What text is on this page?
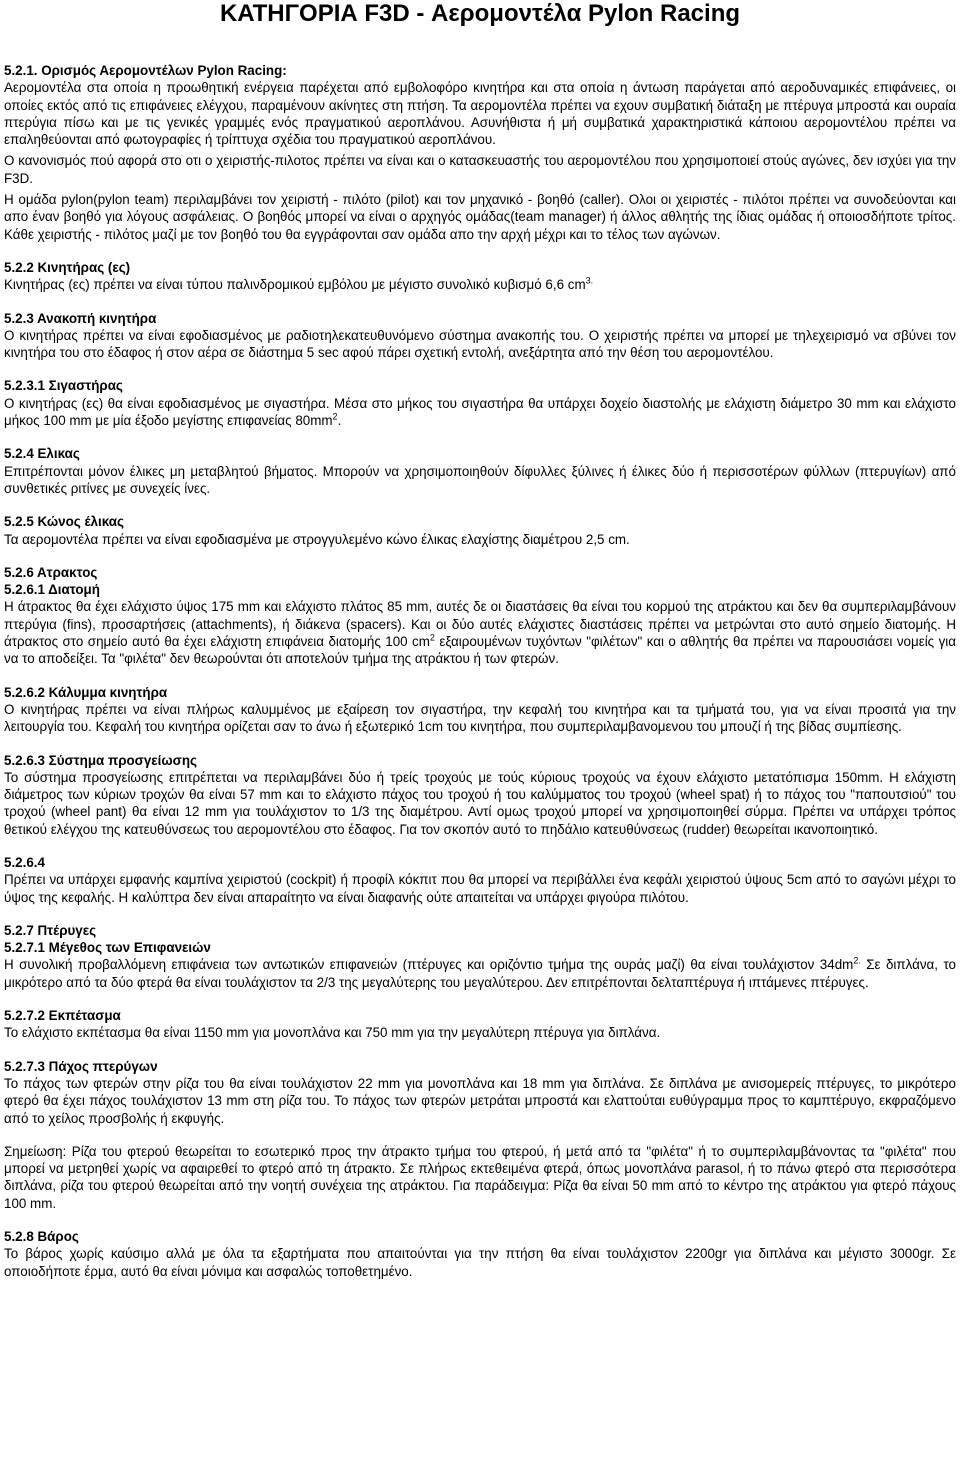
ΚΑΤΗΓΟΡΙΑ F3D - Αερομοντέλα Pylon Racing
5.2.1. Ορισμός Αερομοντέλων Pylon Racing:

Αερομοντέλα στα οποία η προωθητική ενέργεια παρέχεται από εμβολοφόρο κινητήρα και στα οποία η άντωση παράγεται από αεροδυναμικές επιφάνειες, οι οποίες εκτός από τις επιφάνειες ελέγχου, παραμένουν ακίνητες στη πτήση. Τα αερομοντέλα πρέπει να εχουν συμβατική διάταξη με πτέρυγα μπροστά και ουραία πτερύγια πίσω και με τις γενικές γραμμές ενός πραγματικού αεροπλάνου. Ασυνήθιστα ή μή συμβατικά χαρακτηριστικά κάποιου αερομοντέλου πρέπει να επαληθεύονται από φωτογραφίες ή τρίπτυχα σχέδια του πραγματικού αεροπλάνου.

Ο κανονισμός πού αφορά στο οτι ο χειριστής-πιλοτος πρέπει να είναι και ο κατασκευαστής του αερομοντέλου που χρησιμοποιεί στούς αγώνες, δεν ισχύει για την F3D.

Η ομάδα pylon(pylon team) περιλαμβάνει τον χειριστή - πιλότο (pilot) και τον μηχανικό - βοηθό (caller). Ολοι οι χειριστές - πιλότοι πρέπει να συνοδεύονται και απο έναν βοηθό για λόγους ασφάλειας. Ο βοηθός μπορεί να είναι ο αρχηγός ομάδας(team manager) ή άλλος αθλητής της ίδιας ομάδας ή οποιοσδήποτε τρίτος. Κάθε χειριστής - πιλότος μαζί με τον βοηθό του θα εγγράφονται σαν ομάδα απο την αρχή μέχρι και το τέλος των αγώνων.

5.2.2 Κινητήρας (ες)

Κινητήρας (ες) πρέπει να είναι τύπου παλινδρομικού εμβόλου με μέγιστο συνολικό κυβισμό 6,6 $cm^{3.}$

5.2.3 Ανακοπή κινητήρα

Ο κινητήρας πρέπει να είναι εφοδιασμένος με ραδιοτηλεκατευθυνόμενο σύστημα ανακοπής του. Ο χειριστής πρέπει να μπορεί με τηλεχειρισμό να σβύνει τον κινητήρα του στο έδαφος ή στον αέρα σε διάστημα 5 sec αφού πάρει σχετική εντολή, ανεξάρτητα από την θέση του αερομοντέλου.

5.2.3.1 Σιγαστήρας

Ο κινητήρας (ες) θα είναι εφοδιασμένος με σιγαστήρα. Μέσα στο μήκος του σιγαστήρα θα υπάρχει δοχείο διαστολής με ελάχιστη διάμετρο 30 mm και ελάχιστο μήκος 100 mm με μία έξοδο μεγίστης επιφανείας $80mm^2$.

5.2.4 Ελικας

Επιτρέπονται μόνον έλικες μη μεταβλητού βήματος. Μπορούν να χρησιμοποιηθούν δίφυλλες ξύλινες ή έλικες δύο ή περισσοτέρων φύλλων (πτερυγίων) από συνθετικές ριτίνες με συνεχείς ίνες.

5.2.5 Κώνος έλικας

Τα αερομοντέλα πρέπει να είναι εφοδιασμένα με στρογγυλεμένο κώνο έλικας ελαχίστης διαμέτρου 2,5 cm.

5.2.6 Ατρακτος
5.2.6.1 Διατομή

Η άτρακτος θα έχει ελάχιστο ύψος 175 mm και ελάχιστο πλάτος 85 mm, αυτές δε οι διαστάσεις θα είναι του κορμού της ατράκτου και δεν θα συμπεριλαμβάνουν πτερύγια (fins), προσαρτήσεις (attachments), ή διάκενα (spacers). Και οι δύο αυτές ελάχιστες διαστάσεις πρέπει να μετρώνται στο αυτό σημείο διατομής. Η άτρακτος στο σημείο αυτό θα έχει ελάχιστη επιφάνεια διατομής 100 $cm^2$ εξαιρουμένων τυχόντων "φιλέτων" και ο αθλητής θα πρέπει να παρουσιάσει νομείς για να το αποδείξει. Τα "φιλέτα" δεν θεωρούνται ότι αποτελούν τμήμα της ατράκτου ή των φτερών.

5.2.6.2 Κάλυμμα κινητήρα

Ο κινητήρας πρέπει να είναι πλήρως καλυμμένος με εξαίρεση τον σιγαστήρα, την κεφαλή του κινητήρα και τα τμήματά του, για να είναι προσιτά για την λειτουργία του. Κεφαλή του κινητήρα ορίζεται σαν το άνω ή εξωτερικό 1cm του κινητήρα, που συμπεριλαμβανομενου του μπουζί ή της βίδας συμπίεσης.

5.2.6.3 Σύστημα προσγείωσης

Το σύστημα προσγείωσης επιτρέπεται να περιλαμβάνει δύο ή τρείς τροχούς με τούς κύριους τροχούς να έχουν ελάχιστο μετατόπισμα 150mm. Η ελάχιστη διάμετρος των κύριων τροχών θα είναι 57 mm και το ελάχιστο πάχος του τροχού ή του καλύμματος του τροχού (wheel spat) ή το πάχος του "παπουτσιού" του τροχού (wheel pant) θα είναι 12 mm για τουλάχιστον το 1/3 της διαμέτρου. Αντί ομως τροχού μπορεί να χρησιμοποιηθεί σύρμα. Πρέπει να υπάρχει τρόπος θετικού ελέγχου της κατευθύνσεως του αερομοντέλου στο έδαφος. Για τον σκοπόν αυτό το πηδάλιο κατευθύνσεως (rudder) θεωρείται ικανοποιητικό.

5.2.6.4

Πρέπει να υπάρχει εμφανής καμπίνα χειριστού (cockpit) ή προφίλ κόκπιτ που θα μπορεί να περιβάλλει ένα κεφάλι χειριστού ύψους 5cm από το σαγώνι μέχρι το ύψος της κεφαλής. Η καλύπτρα δεν είναι απαραίτητο να είναι διαφανής ούτε απαιτείται να υπάρχει φιγούρα πιλότου.

5.2.7 Πτέρυγες
5.2.7.1 Μέγεθος των Επιφανειών

Η συνολική προβαλλόμενη επιφάνεια των αντωτικών επιφανειών (πτέρυγες και οριζόντιο τμήμα της ουράς μαζί) θα είναι τουλάχιστον $34dm^{2.}$ Σε διπλάνα, το μικρότερο από τα δύο φτερά θα είναι τουλάχιστον τα 2/3 της μεγαλύτερης του μεγαλύτερου. Δεν επιτρέπονται δελταπτέρυγα ή ιπτάμενες πτέρυγες.

5.2.7.2 Εκπέτασμα

Το ελάχιστο εκπέτασμα θα είναι 1150 mm για μονοπλάνα και 750 mm για την μεγαλύτερη πτέρυγα για διπλάνα.

5.2.7.3 Πάχος πτερύγων

Το πάχος των φτερών στην ρίζα του θα είναι τουλάχιστον 22 mm για μονοπλάνα και 18 mm για διπλάνα. Σε διπλάνα με ανισομερείς πτέρυγες, το μικρότερο φτερό θα έχει πάχος τουλάχιστον 13 mm στη ρίζα του. Το πάχος των φτερών μετράται μπροστά και ελαττούται ευθύγραμμα προς το καμπτέρυγο, εκφραζόμενο από το χείλος προσβολής ή εκφυγής.

Σημείωση: Ρίζα του φτερού θεωρείται το εσωτερικό προς την άτρακτο τμήμα του φτερού, ή μετά από τα "φιλέτα" ή το συμπεριλαμβάνοντας τα "φιλέτα" που μπορεί να μετρηθεί χωρίς να αφαιρεθεί το φτερό από τη άτρακτο. Σε πλήρως εκτεθειμένα φτερά, όπως μονοπλάνα parasol, ή το πάνω φτερό στα περισσότερα διπλάνα, ρίζα του φτερού θεωρείται από την νοητή συνέχεια της ατράκτου. Για παράδειγμα: Ρίζα θα είναι 50 mm από το κέντρο της ατράκτου για φτερό πάχους 100 mm.

5.2.8 Βάρος

Το βάρος χωρίς καύσιμο αλλά με όλα τα εξαρτήματα που απαιτούνται για την πτήση θα είναι τουλάχιστον 2200gr για διπλάνα και μέγιστο 3000gr. Σε οποιοδήποτε έρμα, αυτό θα είναι μόνιμα και ασφαλώς τοποθετημένο.
